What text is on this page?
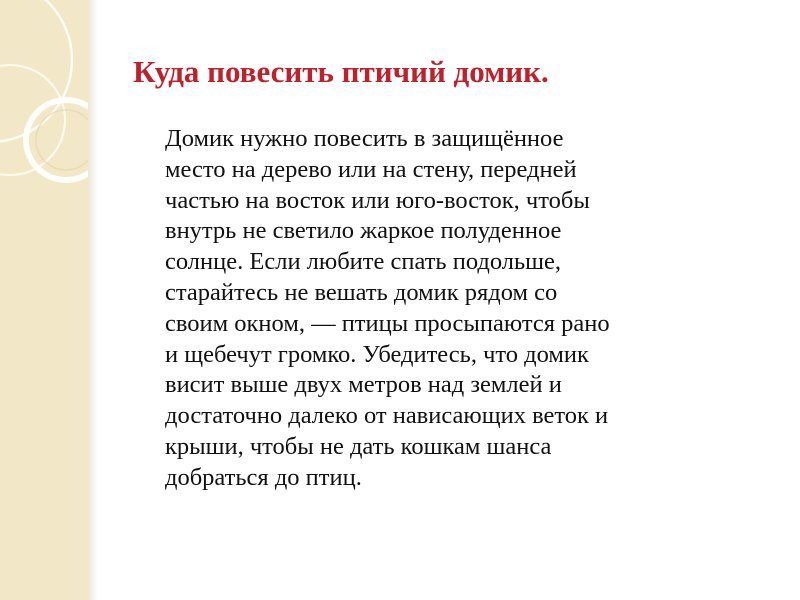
Куда повесить птичий домик.

Домик нужно повесить в защищённое
место на дерево или на стену, передней
частью на восток или юго-восток, чтобы
внутрь не светило жаркое полуденное
солнце. Если любите спать подольше,
старайтесь не вешать домик рядом со
своим окном, — птицы просыпаются рано
и щебечут громко. Убедитесь, что домик
висит выше двух метров над землей и
достаточно далеко от нависающих веток и
крыши, чтобы не дать кошкам шанса
добраться до птиц.
